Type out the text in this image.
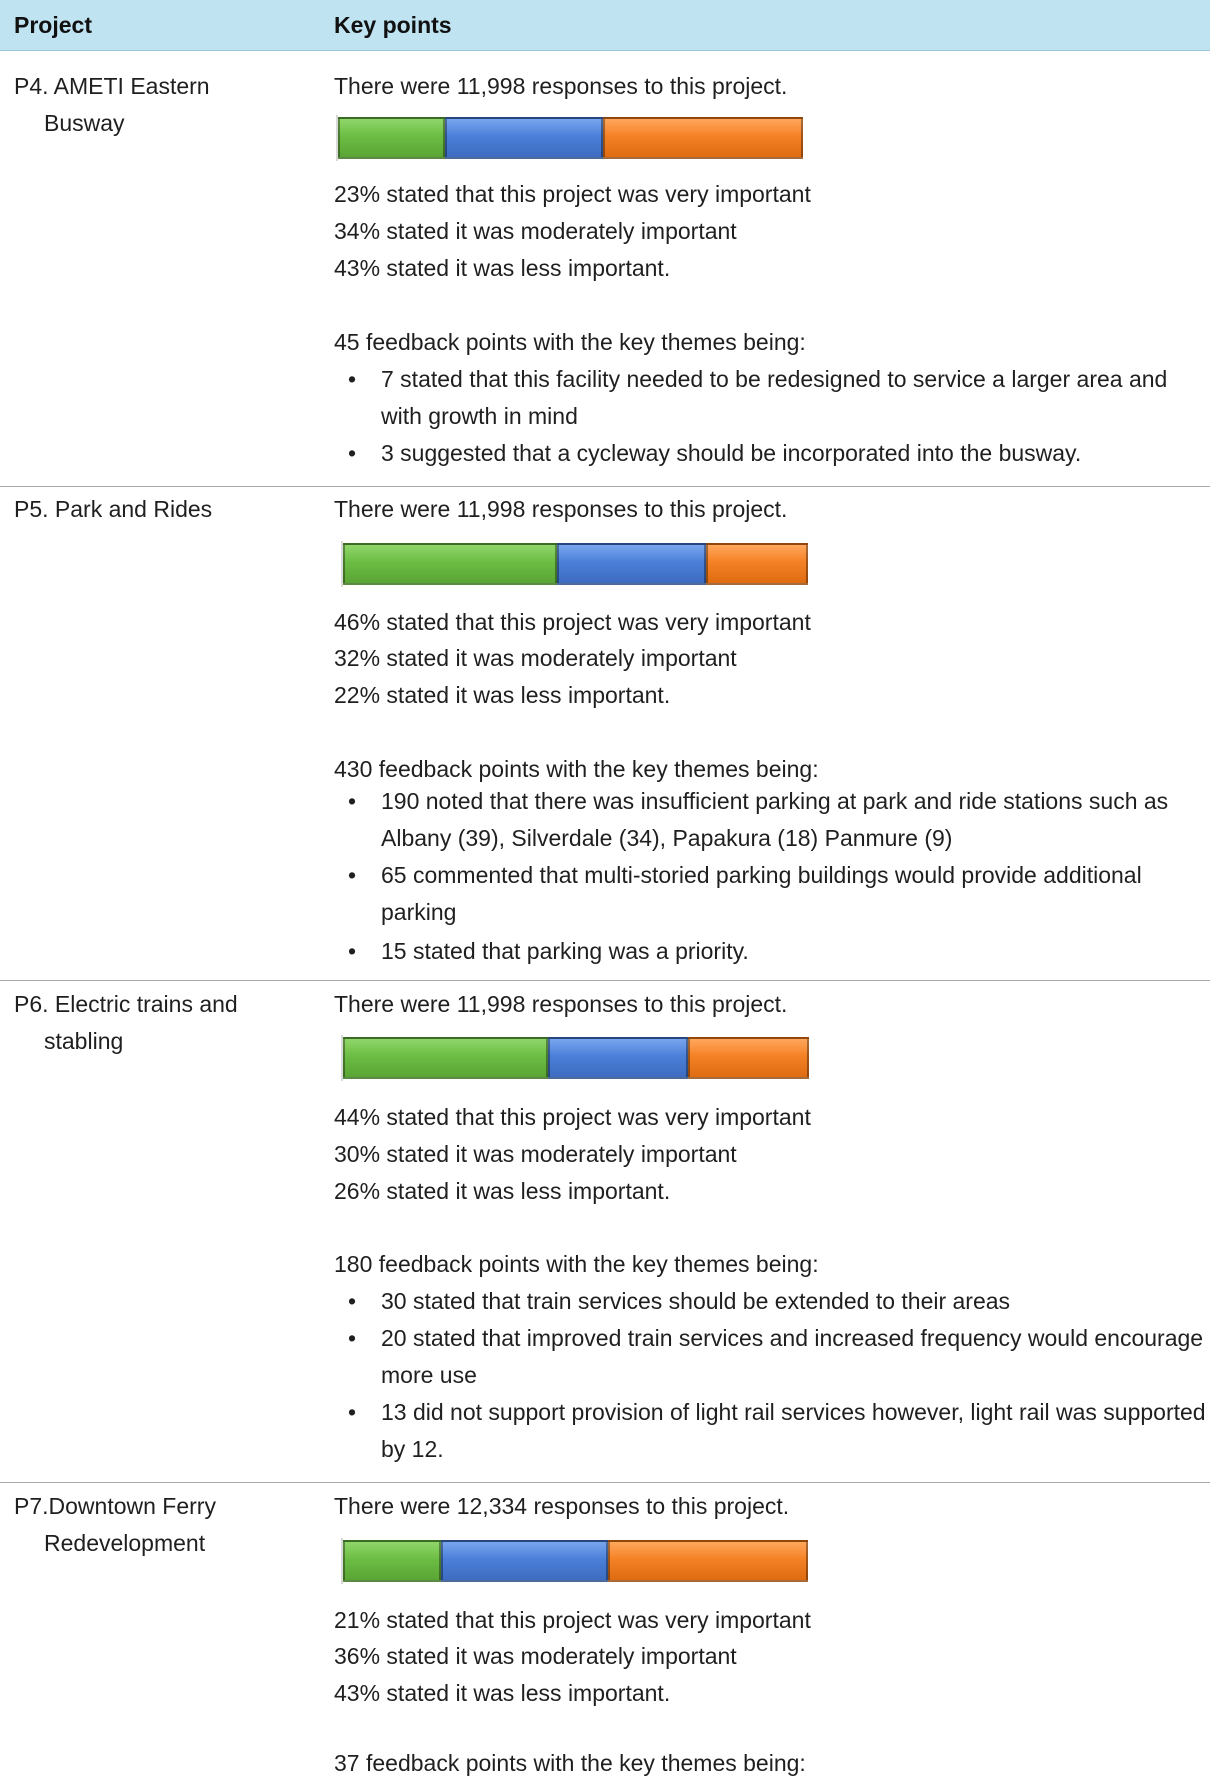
Project	Key points
P4. AMETI Eastern
Busway
There were 11,998 responses to this project.
23% stated that this project was very important
34% stated it was moderately important
43% stated it was less important.
45 feedback points with the key themes being:
• 7 stated that this facility needed to be redesigned to service a larger area and with growth in mind
• 3 suggested that a cycleway should be incorporated into the busway.
P5. Park and Rides	There were 11,998 responses to this project.
46% stated that this project was very important
32% stated it was moderately important
22% stated it was less important.
430 feedback points with the key themes being:
• 190 noted that there was insufficient parking at park and ride stations such as Albany (39), Silverdale (34), Papakura (18) Panmure (9)
• 65 commented that multi-storied parking buildings would provide additional parking
• 15 stated that parking was a priority.
P6. Electric trains and
stabling
There were 11,998 responses to this project.
44% stated that this project was very important
30% stated it was moderately important
26% stated it was less important.
180 feedback points with the key themes being:
• 30 stated that train services should be extended to their areas
• 20 stated that improved train services and increased frequency would encourage more use
• 13 did not support provision of light rail services however, light rail was supported by 12.
P7.Downtown Ferry
Redevelopment
There were 12,334 responses to this project.
21% stated that this project was very important
36% stated it was moderately important
43% stated it was less important.
37 feedback points with the key themes being:
